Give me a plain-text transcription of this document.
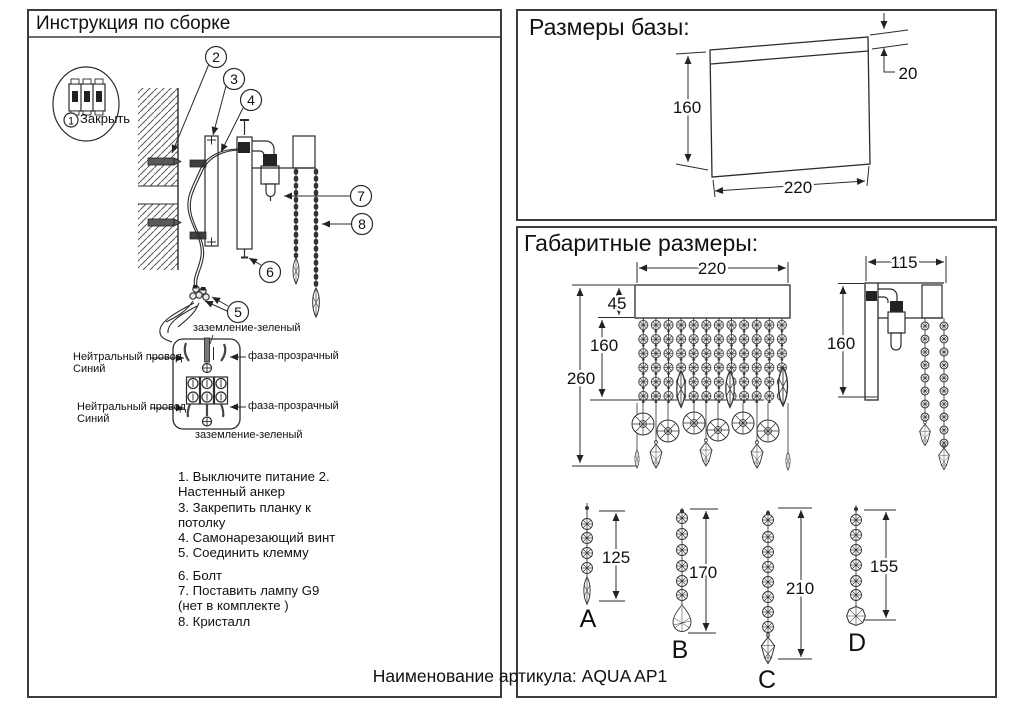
1
2
3
4
7
8
6
5
160
220
20
220
45
160
260
115
160
125
A
170
B
210
C
155
D
Инструкция по сборке	Размеры базы:
Габаритные размеры:
Закрыть
заземление-зеленый
Нейтральный провод
Синий
фаза-прозрачный
Нейтральный провод
Синий
фаза-прозрачный
заземление-зеленый
1. Выключите питание 2.
Настенный анкер
3. Закрепить планку к
потолку
4. Самонарезающий винт
5. Соединить клемму
6. Болт
7. Поставить лампу G9
(нет в комплекте )
8. Кристалл
Наименование артикула: AQUA AP1
